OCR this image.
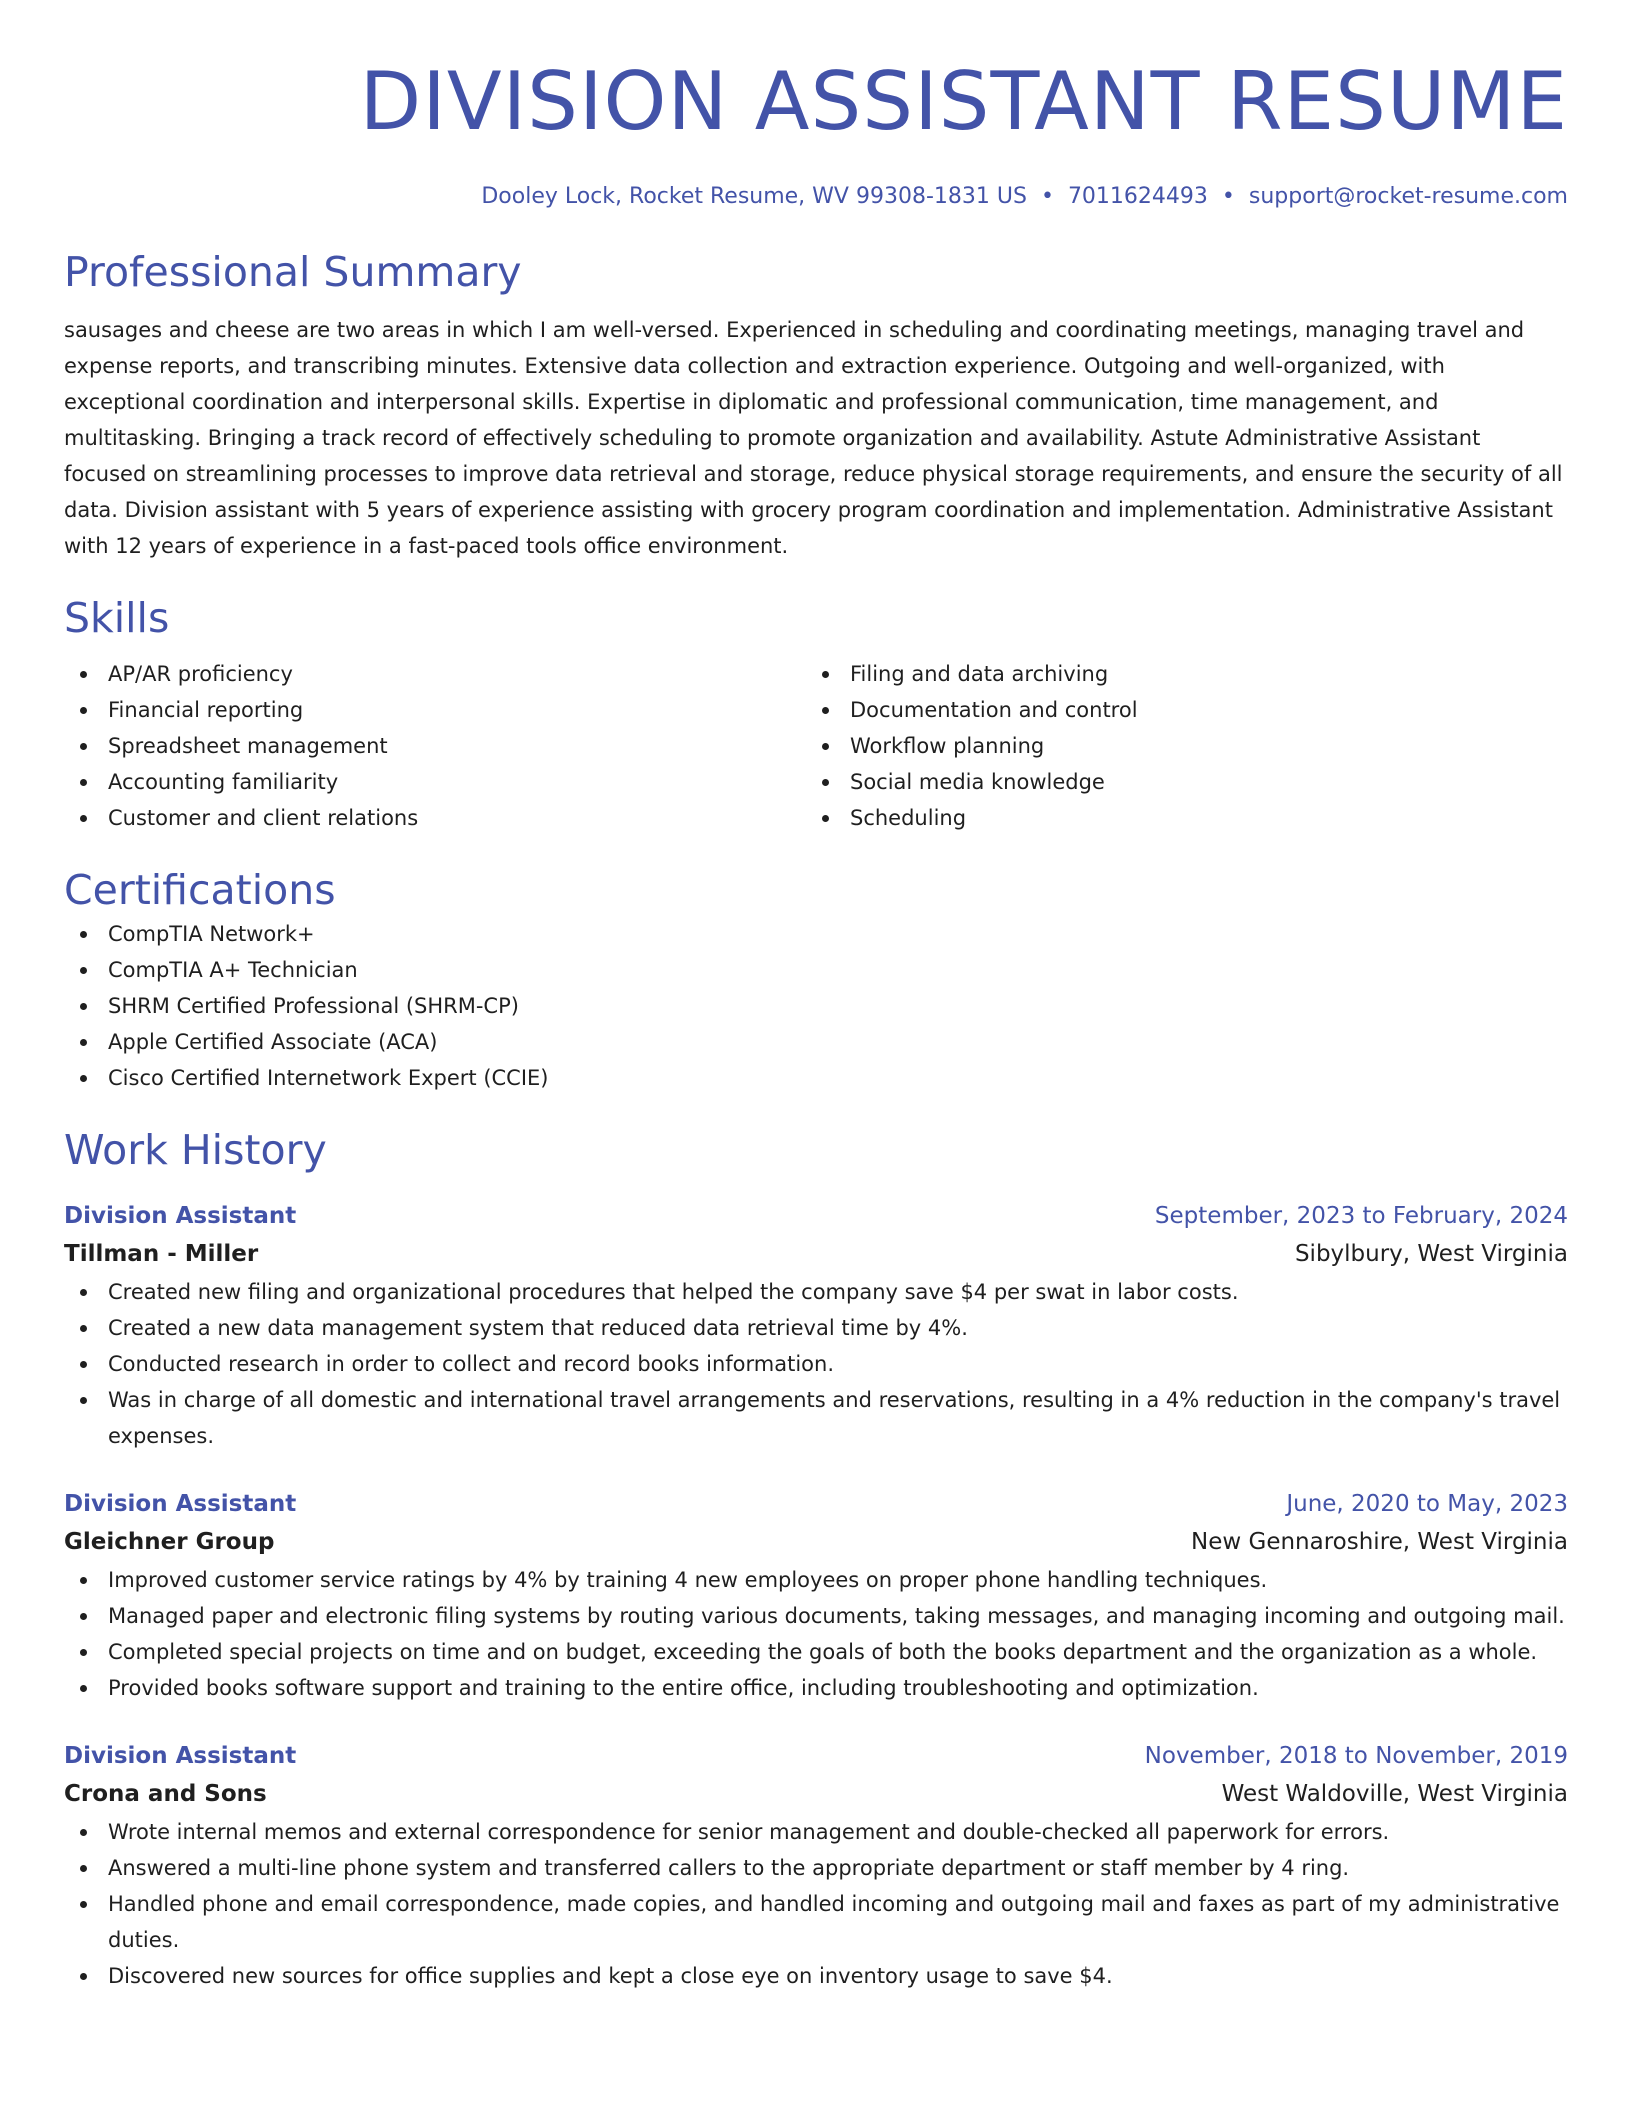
DIVISION ASSISTANT RESUME
Dooley Lock, Rocket Resume, WV 99308-1831 US • 7011624493 • support@rocket-resume.com
Professional Summary

sausages and cheese are two areas in which I am well-versed. Experienced in scheduling and coordinating meetings, managing travel and expense reports, and transcribing minutes. Extensive data collection and extraction experience. Outgoing and well-organized, with exceptional coordination and interpersonal skills. Expertise in diplomatic and professional communication, time management, and multitasking. Bringing a track record of effectively scheduling to promote organization and availability. Astute Administrative Assistant focused on streamlining processes to improve data retrieval and storage, reduce physical storage requirements, and ensure the security of all data. Division assistant with 5 years of experience assisting with grocery program coordination and implementation. Administrative Assistant with 12 years of experience in a fast-paced tools office environment.

Skills
AP/AR proficiency
Financial reporting
Spreadsheet management
Accounting familiarity
Customer and client relations
Filing and data archiving
Documentation and control
Workflow planning
Social media knowledge
Scheduling
Certifications
CompTIA Network+
CompTIA A+ Technician
SHRM Certified Professional (SHRM-CP)
Apple Certified Associate (ACA)
Cisco Certified Internetwork Expert (CCIE)
Work History
Division Assistant	September, 2023 to February, 2024
Tillman - Miller	Sibylbury, West Virginia
Created new filing and organizational procedures that helped the company save $4 per swat in labor costs.
Created a new data management system that reduced data retrieval time by 4%.
Conducted research in order to collect and record books information.
Was in charge of all domestic and international travel arrangements and reservations, resulting in a 4% reduction in the company's travel expenses.
Division Assistant	June, 2020 to May, 2023
Gleichner Group	New Gennaroshire, West Virginia
Improved customer service ratings by 4% by training 4 new employees on proper phone handling techniques.
Managed paper and electronic filing systems by routing various documents, taking messages, and managing incoming and outgoing mail.
Completed special projects on time and on budget, exceeding the goals of both the books department and the organization as a whole.
Provided books software support and training to the entire office, including troubleshooting and optimization.
Division Assistant	November, 2018 to November, 2019
Crona and Sons	West Waldoville, West Virginia
Wrote internal memos and external correspondence for senior management and double-checked all paperwork for errors.
Answered a multi-line phone system and transferred callers to the appropriate department or staff member by 4 ring.
Handled phone and email correspondence, made copies, and handled incoming and outgoing mail and faxes as part of my administrative duties.
Discovered new sources for office supplies and kept a close eye on inventory usage to save $4.
